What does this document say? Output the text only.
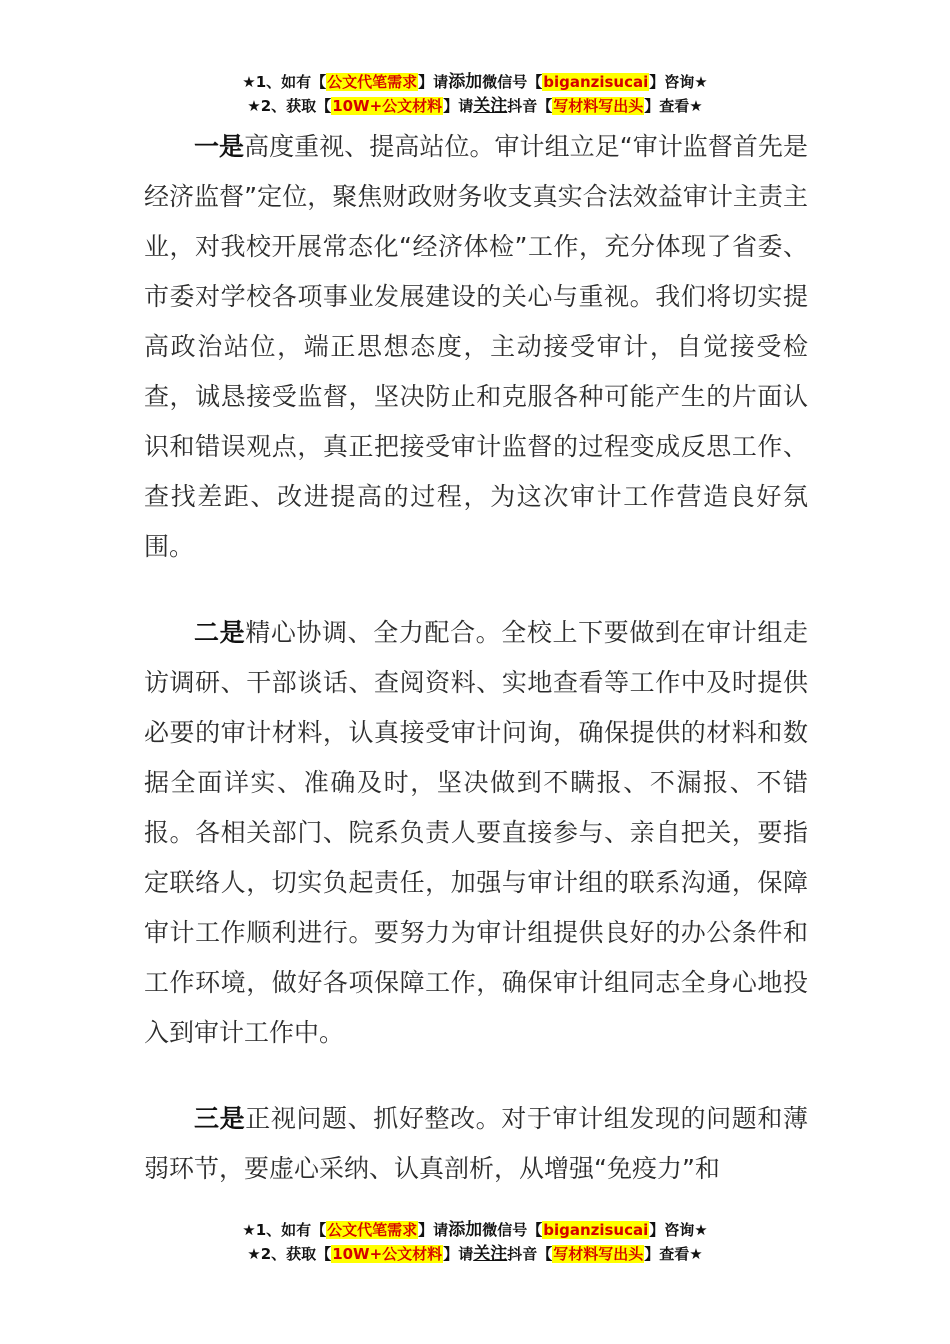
★1、如有【公文代笔需求】请添加微信号【biganzisucai】咨询★
★2、获取【10W+公文材料】请关注抖音【写材料写出头】查看★

一是高度重视、提高站位。审计组立足“审计监督首先是经济监督”定位，聚焦财政财务收支真实合法效益审计主责主业，对我校开展常态化“经济体检”工作，充分体现了省委、市委对学校各项事业发展建设的关心与重视。我们将切实提高政治站位，端正思想态度，主动接受审计，自觉接受检查，诚恳接受监督，坚决防止和克服各种可能产生的片面认识和错误观点，真正把接受审计监督的过程变成反思工作、查找差距、改进提高的过程，为这次审计工作营造良好氛围。

二是精心协调、全力配合。全校上下要做到在审计组走访调研、干部谈话、查阅资料、实地查看等工作中及时提供必要的审计材料，认真接受审计问询，确保提供的材料和数据全面详实、准确及时，坚决做到不瞒报、不漏报、不错报。各相关部门、院系负责人要直接参与、亲自把关，要指定联络人，切实负起责任，加强与审计组的联系沟通，保障审计工作顺利进行。要努力为审计组提供良好的办公条件和工作环境，做好各项保障工作，确保审计组同志全身心地投入到审计工作中。

三是正视问题、抓好整改。对于审计组发现的问题和薄弱环节，要虚心采纳、认真剖析，从增强“免疫力”和

★1、如有【公文代笔需求】请添加微信号【biganzisucai】咨询★
★2、获取【10W+公文材料】请关注抖音【写材料写出头】查看★
